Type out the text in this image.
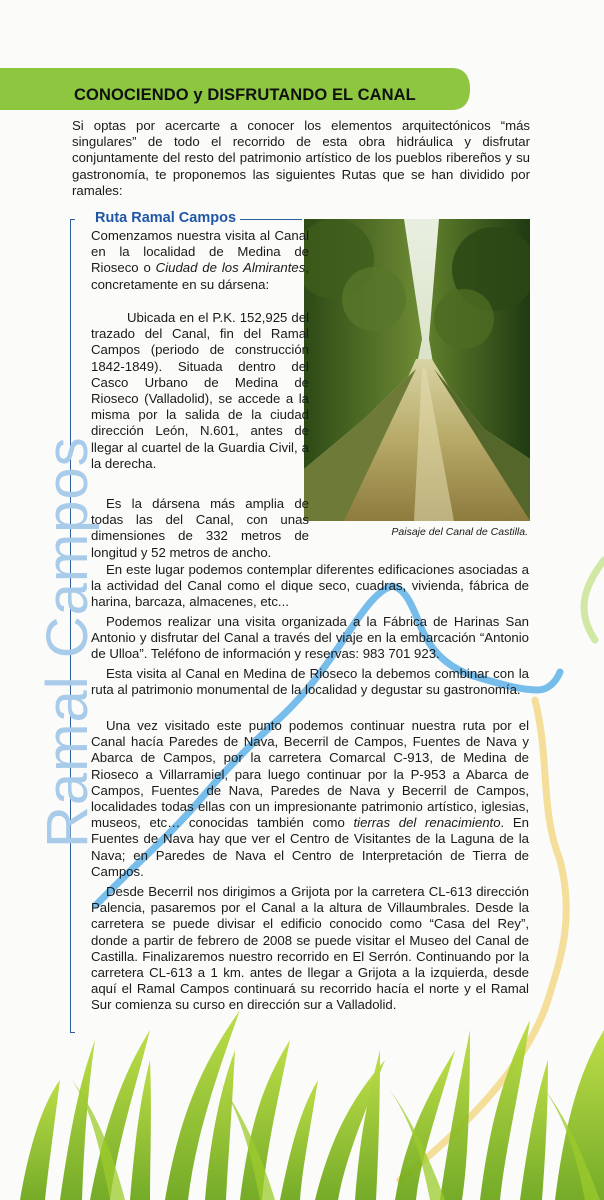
CONOCIENDO y DISFRUTANDO EL CANAL

Si optas por acercarte a conocer los elementos arquitectónicos “más singulares” de todo el recorrido de esta obra hidráulica y disfrutar conjuntamente del resto del patrimonio artístico de los pueblos ribereños y su gastronomía, te proponemos las siguientes Rutas que se han dividido por ramales:

Ruta Ramal Campos
Ramal Campos	Paisaje del Canal de Castilla.

Comenzamos nuestra visita al Canal en la localidad de Medina de Rioseco o Ciudad de los Almirantes, concretamente en su dársena:

Ubicada en el P.K. 152,925 del trazado del Canal, fin del Ramal Campos (periodo de construcción 1842-1849). Situada dentro del Casco Urbano de Medina de Rioseco (Valladolid), se accede a la misma por la salida de la ciudad dirección León, N.601, antes de llegar al cuartel de la Guardia Civil, a la derecha.

Es la dársena más amplia de todas las del Canal, con unas dimensiones de 332 metros de longitud y 52 metros de ancho.

En este lugar podemos contemplar diferentes edificaciones asociadas a la actividad del Canal como el dique seco, cuadras, vivienda, fábrica de harina, barcaza, almacenes, etc...

Podemos realizar una visita organizada a la Fábrica de Harinas San Antonio y disfrutar del Canal a través del viaje en la embarcación “Antonio de Ulloa”. Teléfono de información y reservas: 983 701 923.

Esta visita al Canal en Medina de Rioseco la debemos combinar con la ruta al patrimonio monumental de la localidad y degustar su gastronomía.

Una vez visitado este punto podemos continuar nuestra ruta por el Canal hacía Paredes de Nava, Becerril de Campos, Fuentes de Nava y Abarca de Campos, por la carretera Comarcal C-913, de Medina de Rioseco a Villarramiel, para luego continuar por la P-953 a Abarca de Campos, Fuentes de Nava, Paredes de Nava y Becerril de Campos, localidades todas ellas con un impresionante patrimonio artístico, iglesias, museos, etc… conocidas también como tierras del renacimiento. En Fuentes de Nava hay que ver el Centro de Visitantes de la Laguna de la Nava; en Paredes de Nava el Centro de Interpretación de Tierra de Campos.

Desde Becerril nos dirigimos a Grijota por la carretera CL-613 dirección Palencia, pasaremos por el Canal a la altura de Villaumbrales. Desde la carretera se puede divisar el edificio conocido como “Casa del Rey”, donde a partir de febrero de 2008 se puede visitar el Museo del Canal de Castilla. Finalizaremos nuestro recorrido en El Serrón. Continuando por la carretera CL-613 a 1 km. antes de llegar a Grijota a la izquierda, desde aquí el Ramal Campos continuará su recorrido hacía el norte y el Ramal Sur comienza su curso en dirección sur a Valladolid.
